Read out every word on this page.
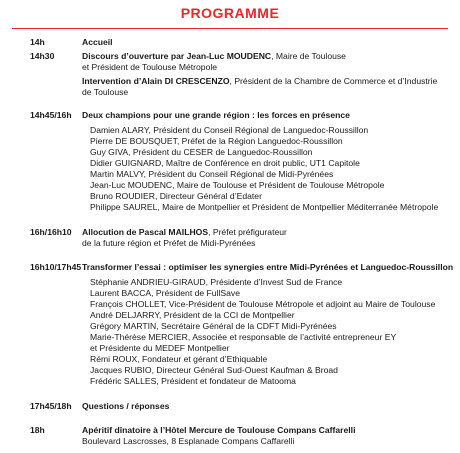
PROGRAMME
14h	Accueil
14h30	Discours d’ouverture par Jean-Luc MOUDENC, Maire de Toulouse
et Président de Toulouse Métropole
Intervention d’Alain DI CRESCENZO, Président de la Chambre de Commerce et d’Industrie
de Toulouse
14h45/16h Deux champions pour une grande région : les forces en présence
Damien ALARY, Président du Conseil Régional de Languedoc-Roussillon
Pierre DE BOUSQUET, Préfet de la Région Languedoc-Roussillon
Guy GIVA, Président du CESER de Languedoc-Roussillon
Didier GUIGNARD, Maître de Conférence en droit public, UT1 Capitole
Martin MALVY, Président du Conseil Régional de Midi-Pyrénées
Jean-Luc MOUDENC, Maire de Toulouse et Président de Toulouse Métropole
Bruno ROUDIER, Directeur Général d’Edater
Philippe SAUREL, Maire de Montpellier et Président de Montpellier Méditerranée Métropole
16h/16h10 Allocution de Pascal MAILHOS, Préfet préfigurateur
de la future région et Préfet de Midi-Pyrénées
16h10/17h45 Transformer l’essai : optimiser les synergies entre Midi-Pyrénées et Languedoc-Roussillon
Stéphanie ANDRIEU-GIRAUD, Présidente d’Invest Sud de France
Laurent BACCA, Président de FullSave
François CHOLLET, Vice-Président de Toulouse Métropole et adjoint au Maire de Toulouse
André DELJARRY, Président de la CCI de Montpellier
Grégory MARTIN, Secrétaire Général de la CDFT Midi-Pyrénées
Marie-Thérèse MERCIER, Associée et responsable de l’activité entrepreneur EY
et Présidente du MEDEF Montpellier
Rémi ROUX, Fondateur et gérant d’Ethiquable
Jacques RUBIO, Directeur Général Sud-Ouest Kaufman & Broad
Frédéric SALLES, Président et fondateur de Matooma
17h45/18h Questions / réponses
18h	Apéritif dînatoire à l’Hôtel Mercure de Toulouse Compans Caffarelli
Boulevard Lascrosses, 8 Esplanade Compans Caffarelli
